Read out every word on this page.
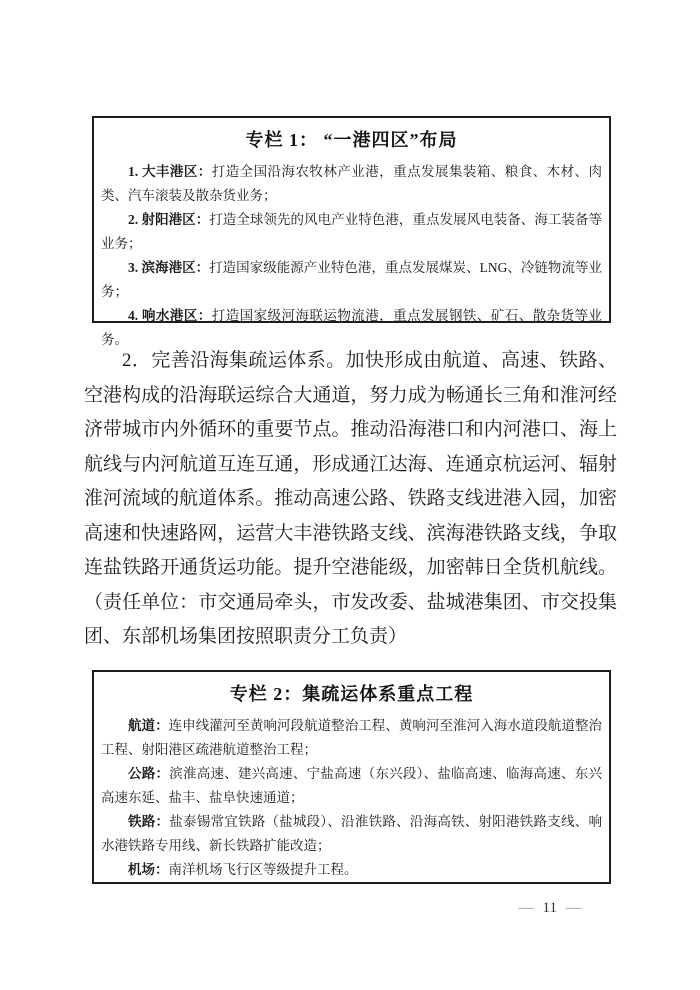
专栏 1： “一港四区”布局

1. 大丰港区：打造全国沿海农牧林产业港，重点发展集装箱、粮食、木材、肉类、汽车滚装及散杂货业务；

2. 射阳港区：打造全球领先的风电产业特色港，重点发展风电装备、海工装备等业务；

3. 滨海港区：打造国家级能源产业特色港，重点发展煤炭、LNG、冷链物流等业务；

4. 响水港区：打造国家级河海联运物流港，重点发展钢铁、矿石、散杂货等业务。

2．完善沿海集疏运体系。加快形成由航道、高速、铁路、空港构成的沿海联运综合大通道，努力成为畅通长三角和淮河经济带城市内外循环的重要节点。推动沿海港口和内河港口、海上航线与内河航道互连互通，形成通江达海、连通京杭运河、辐射淮河流域的航道体系。推动高速公路、铁路支线进港入园，加密高速和快速路网，运营大丰港铁路支线、滨海港铁路支线，争取连盐铁路开通货运功能。提升空港能级，加密韩日全货机航线。（责任单位：市交通局牵头，市发改委、盐城港集团、市交投集团、东部机场集团按照职责分工负责）

专栏 2：集疏运体系重点工程

航道：连申线灌河至黄响河段航道整治工程、黄响河至淮河入海水道段航道整治工程、射阳港区疏港航道整治工程；

公路：滨淮高速、建兴高速、宁盐高速（东兴段）、盐临高速、临海高速、东兴高速东延、盐丰、盐阜快速通道；

铁路：盐泰锡常宜铁路（盐城段）、沿淮铁路、沿海高铁、射阳港铁路支线、响水港铁路专用线、新长铁路扩能改造；

机场：南洋机场飞行区等级提升工程。

— 11 —
